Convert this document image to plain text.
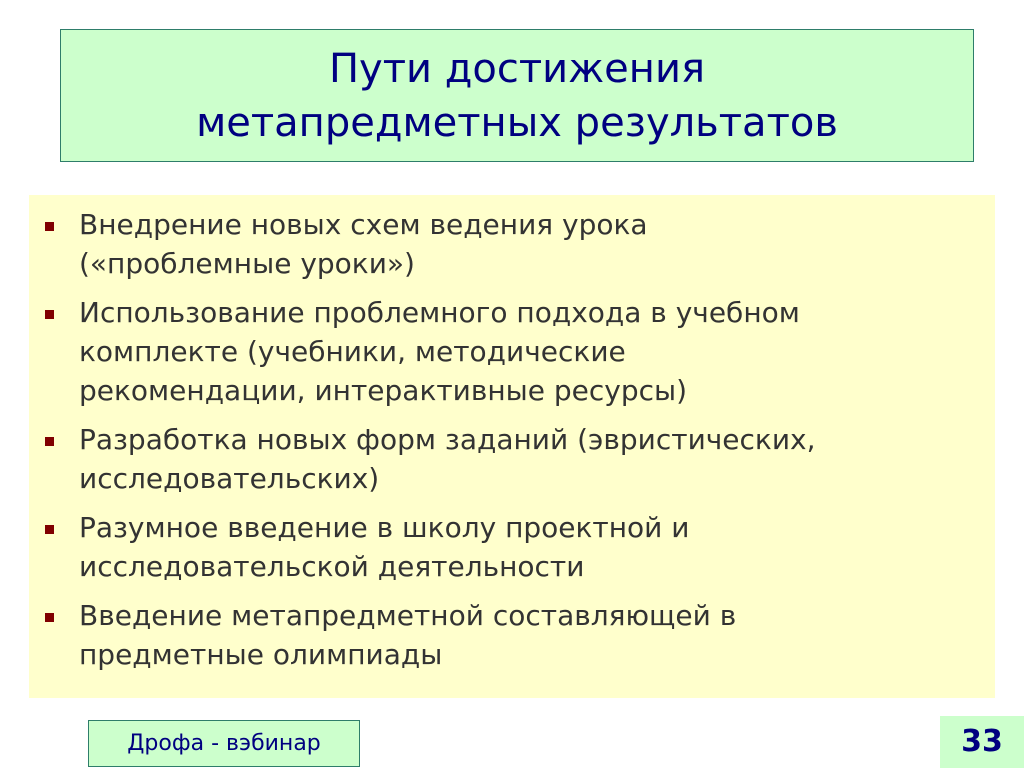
Пути достижения
метапредметных результатов
Внедрение новых схем ведения урока
(«проблемные уроки»)
Использование проблемного подхода в учебном
комплекте (учебники, методические
рекомендации, интерактивные ресурсы)
Разработка новых форм заданий (эвристических,
исследовательских)
Разумное введение в школу проектной и
исследовательской деятельности
Введение метапредметной составляющей в
предметные олимпиады
Дрофа - вэбинар	33
